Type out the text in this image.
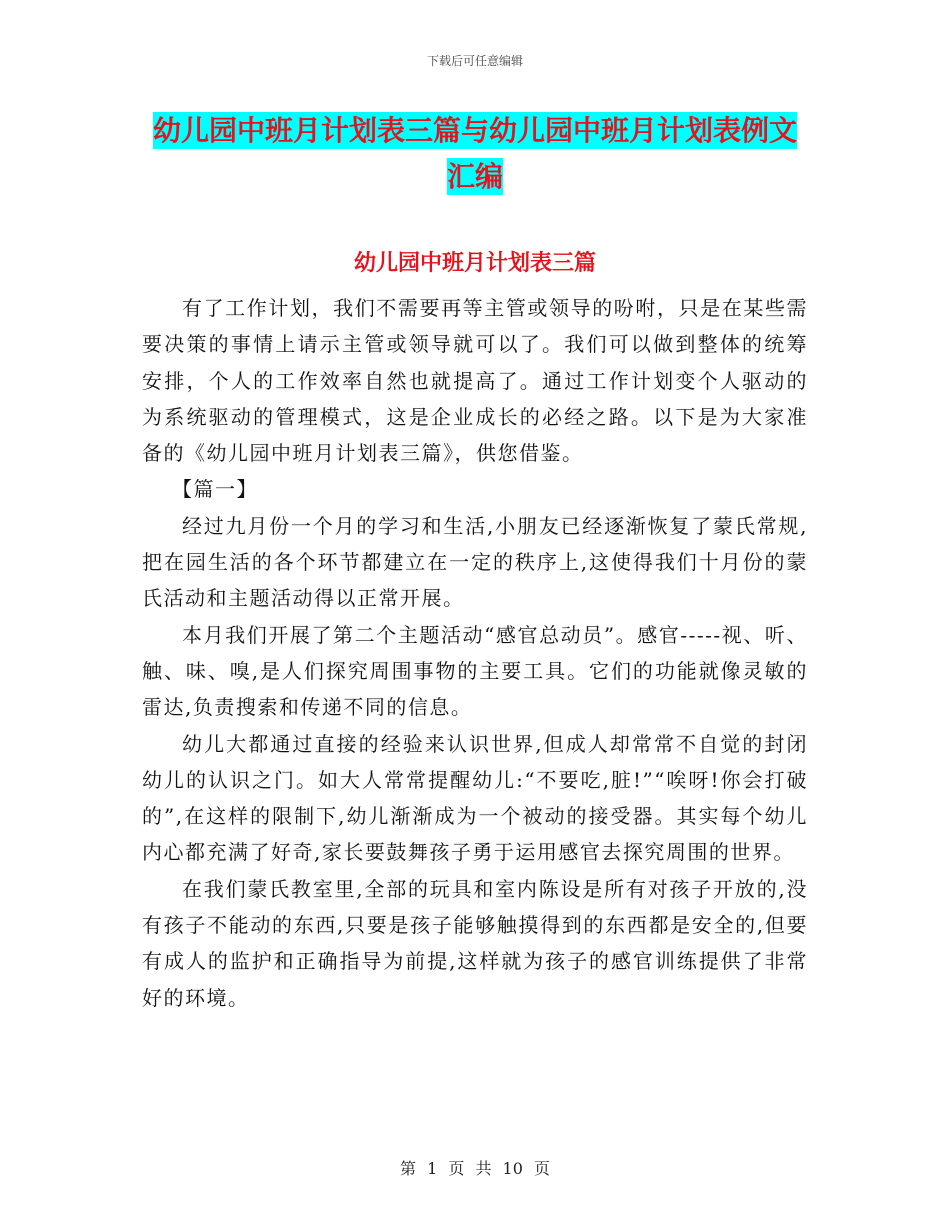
下载后可任意编辑
幼儿园中班月计划表三篇与幼儿园中班月计划表例文
汇编
幼儿园中班月计划表三篇

有了工作计划，我们不需要再等主管或领导的吩咐，只是在某些需要决策的事情上请示主管或领导就可以了。我们可以做到整体的统筹安排，个人的工作效率自然也就提高了。通过工作计划变个人驱动的为系统驱动的管理模式，这是企业成长的必经之路。以下是为大家准备的《幼儿园中班月计划表三篇》，供您借鉴。

【篇一】

经过九月份一个月的学习和生活,小朋友已经逐渐恢复了蒙氏常规,把在园生活的各个环节都建立在一定的秩序上,这使得我们十月份的蒙氏活动和主题活动得以正常开展。

本月我们开展了第二个主题活动“感官总动员”。感官-----视、听、触、味、嗅,是人们探究周围事物的主要工具。它们的功能就像灵敏的雷达,负责搜索和传递不同的信息。

幼儿大都通过直接的经验来认识世界,但成人却常常不自觉的封闭幼儿的认识之门。如大人常常提醒幼儿:“不要吃,脏!”“唉呀!你会打破的”,在这样的限制下,幼儿渐渐成为一个被动的接受器。其实每个幼儿内心都充满了好奇,家长要鼓舞孩子勇于运用感官去探究周围的世界。

在我们蒙氏教室里,全部的玩具和室内陈设是所有对孩子开放的,没有孩子不能动的东西,只要是孩子能够触摸得到的东西都是安全的,但要有成人的监护和正确指导为前提,这样就为孩子的感官训练提供了非常好的环境。

第 1 页 共 10 页
